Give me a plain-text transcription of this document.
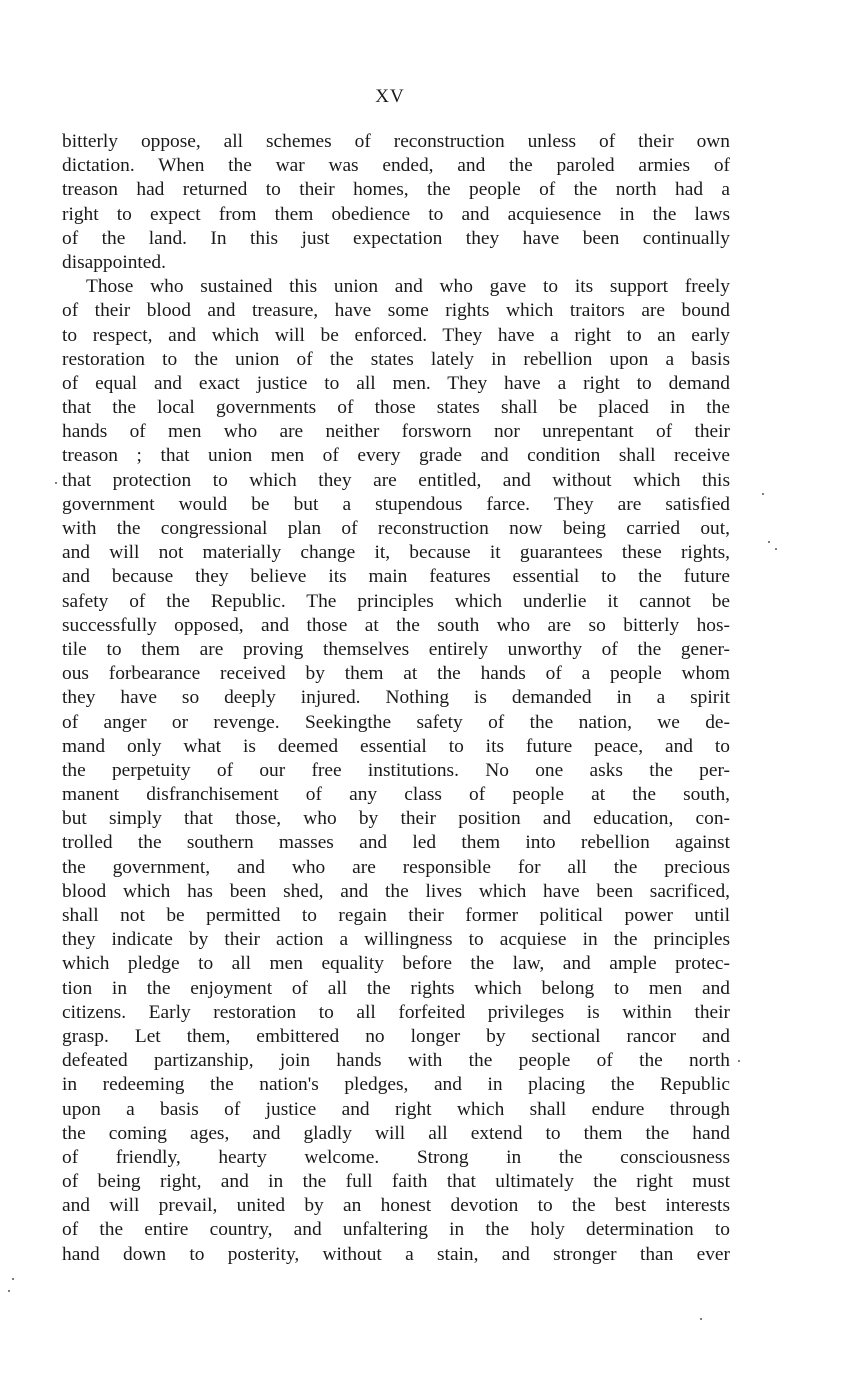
XV
bitterly oppose, all schemes of reconstruction unless of their own
dictation. When the war was ended, and the paroled armies of
treason had returned to their homes, the people of the north had a
right to expect from them obedience to and acquiesence in the laws
of the land. In this just expectation they have been continually
disappointed.
Those who sustained this union and who gave to its support freely
of their blood and treasure, have some rights which traitors are bound
to respect, and which will be enforced. They have a right to an early
restoration to the union of the states lately in rebellion upon a basis
of equal and exact justice to all men. They have a right to demand
that the local governments of those states shall be placed in the
hands of men who are neither forsworn nor unrepentant of their
treason ; that union men of every grade and condition shall receive
that protection to which they are entitled, and without which this
government would be but a stupendous farce. They are satisfied
with the congressional plan of reconstruction now being carried out,
and will not materially change it, because it guarantees these rights,
and because they believe its main features essential to the future
safety of the Republic. The principles which underlie it cannot be
successfully opposed, and those at the south who are so bitterly hos-
tile to them are proving themselves entirely unworthy of the gener-
ous forbearance received by them at the hands of a people whom
they have so deeply injured. Nothing is demanded in a spirit
of anger or revenge. Seekingthe safety of the nation, we de-
mand only what is deemed essential to its future peace, and to
the perpetuity of our free institutions. No one asks the per-
manent disfranchisement of any class of people at the south,
but simply that those, who by their position and education, con-
trolled the southern masses and led them into rebellion against
the government, and who are responsible for all the precious
blood which has been shed, and the lives which have been sacrificed,
shall not be permitted to regain their former political power until
they indicate by their action a willingness to acquiese in the principles
which pledge to all men equality before the law, and ample protec-
tion in the enjoyment of all the rights which belong to men and
citizens. Early restoration to all forfeited privileges is within their
grasp. Let them, embittered no longer by sectional rancor and
defeated partizanship, join hands with the people of the north
in redeeming the nation's pledges, and in placing the Republic
upon a basis of justice and right which shall endure through
the coming ages, and gladly will all extend to them the hand
of friendly, hearty welcome. Strong in the consciousness
of being right, and in the full faith that ultimately the right must
and will prevail, united by an honest devotion to the best interests
of the entire country, and unfaltering in the holy determination to
hand down to posterity, without a stain, and stronger than ever
